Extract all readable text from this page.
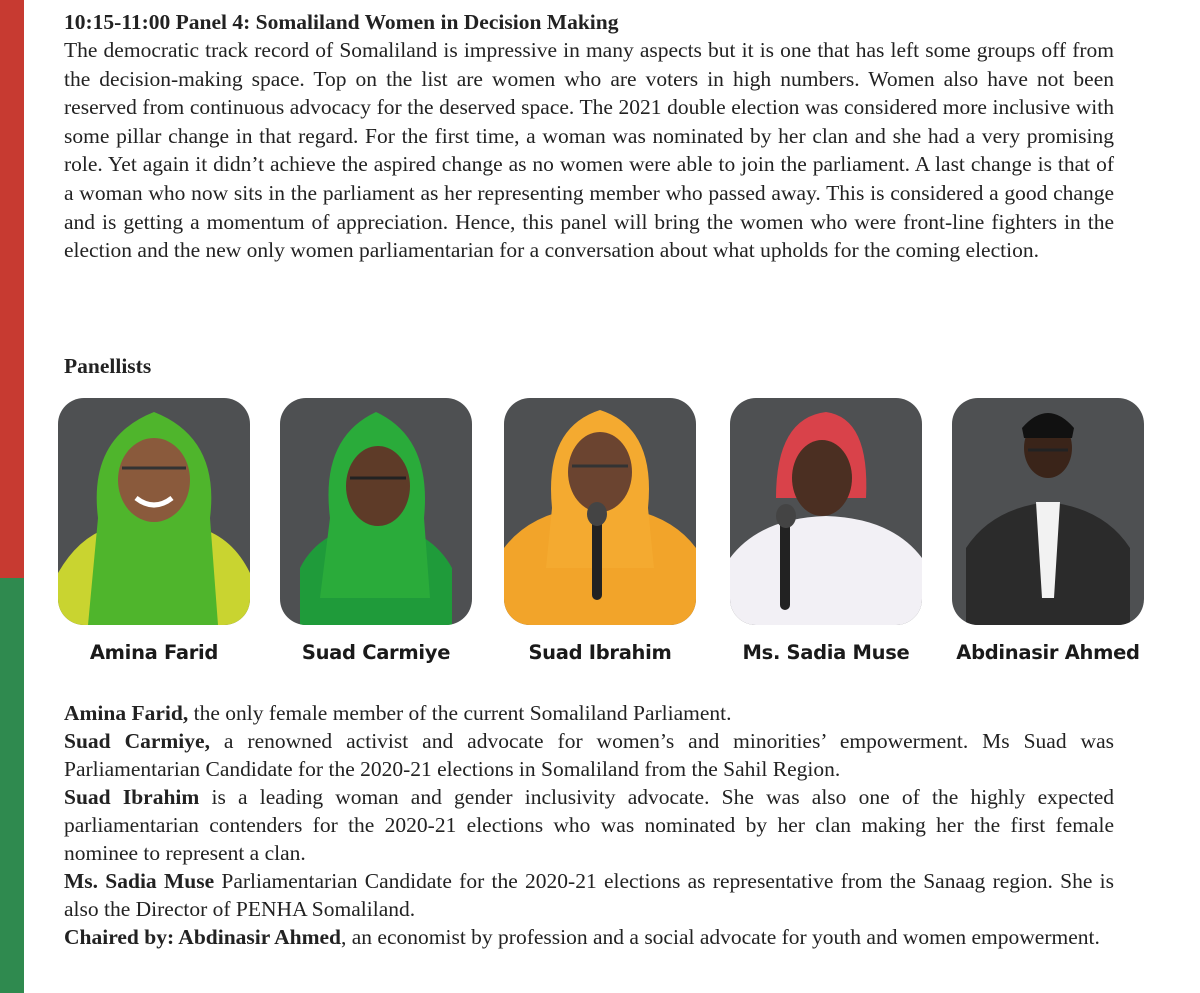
10:15-11:00 Panel 4: Somaliland Women in Decision Making

The democratic track record of Somaliland is impressive in many aspects but it is one that has left some groups off from the decision-making space. Top on the list are women who are voters in high numbers. Women also have not been reserved from continuous advocacy for the deserved space. The 2021 double election was considered more inclusive with some pillar change in that regard. For the first time, a woman was nominated by her clan and she had a very promising role. Yet again it didn’t achieve the aspired change as no women were able to join the parliament. A last change is that of a woman who now sits in the parliament as her representing member who passed away. This is considered a good change and is getting a momentum of appreciation. Hence, this panel will bring the women who were front-line fighters in the election and the new only women parliamentarian for a conversation about what upholds for the coming election.

Panellists
Amina Farid	Suad Carmiye	Suad Ibrahim	Ms. Sadia Muse	Abdinasir Ahmed

Amina Farid, the only female member of the current Somaliland Parliament.

Suad Carmiye, a renowned activist and advocate for women’s and minorities’ empowerment. Ms Suad was Parliamentarian Candidate for the 2020-21 elections in Somaliland from the Sahil Region.

Suad Ibrahim is a leading woman and gender inclusivity advocate. She was also one of the highly expected parliamentarian contenders for the 2020-21 elections who was nominated by her clan making her the first female nominee to represent a clan.

Ms. Sadia Muse Parliamentarian Candidate for the 2020-21 elections as representative from the Sanaag region. She is also the Director of PENHA Somaliland.

Chaired by: Abdinasir Ahmed, an economist by profession and a social advocate for youth and women empowerment.
